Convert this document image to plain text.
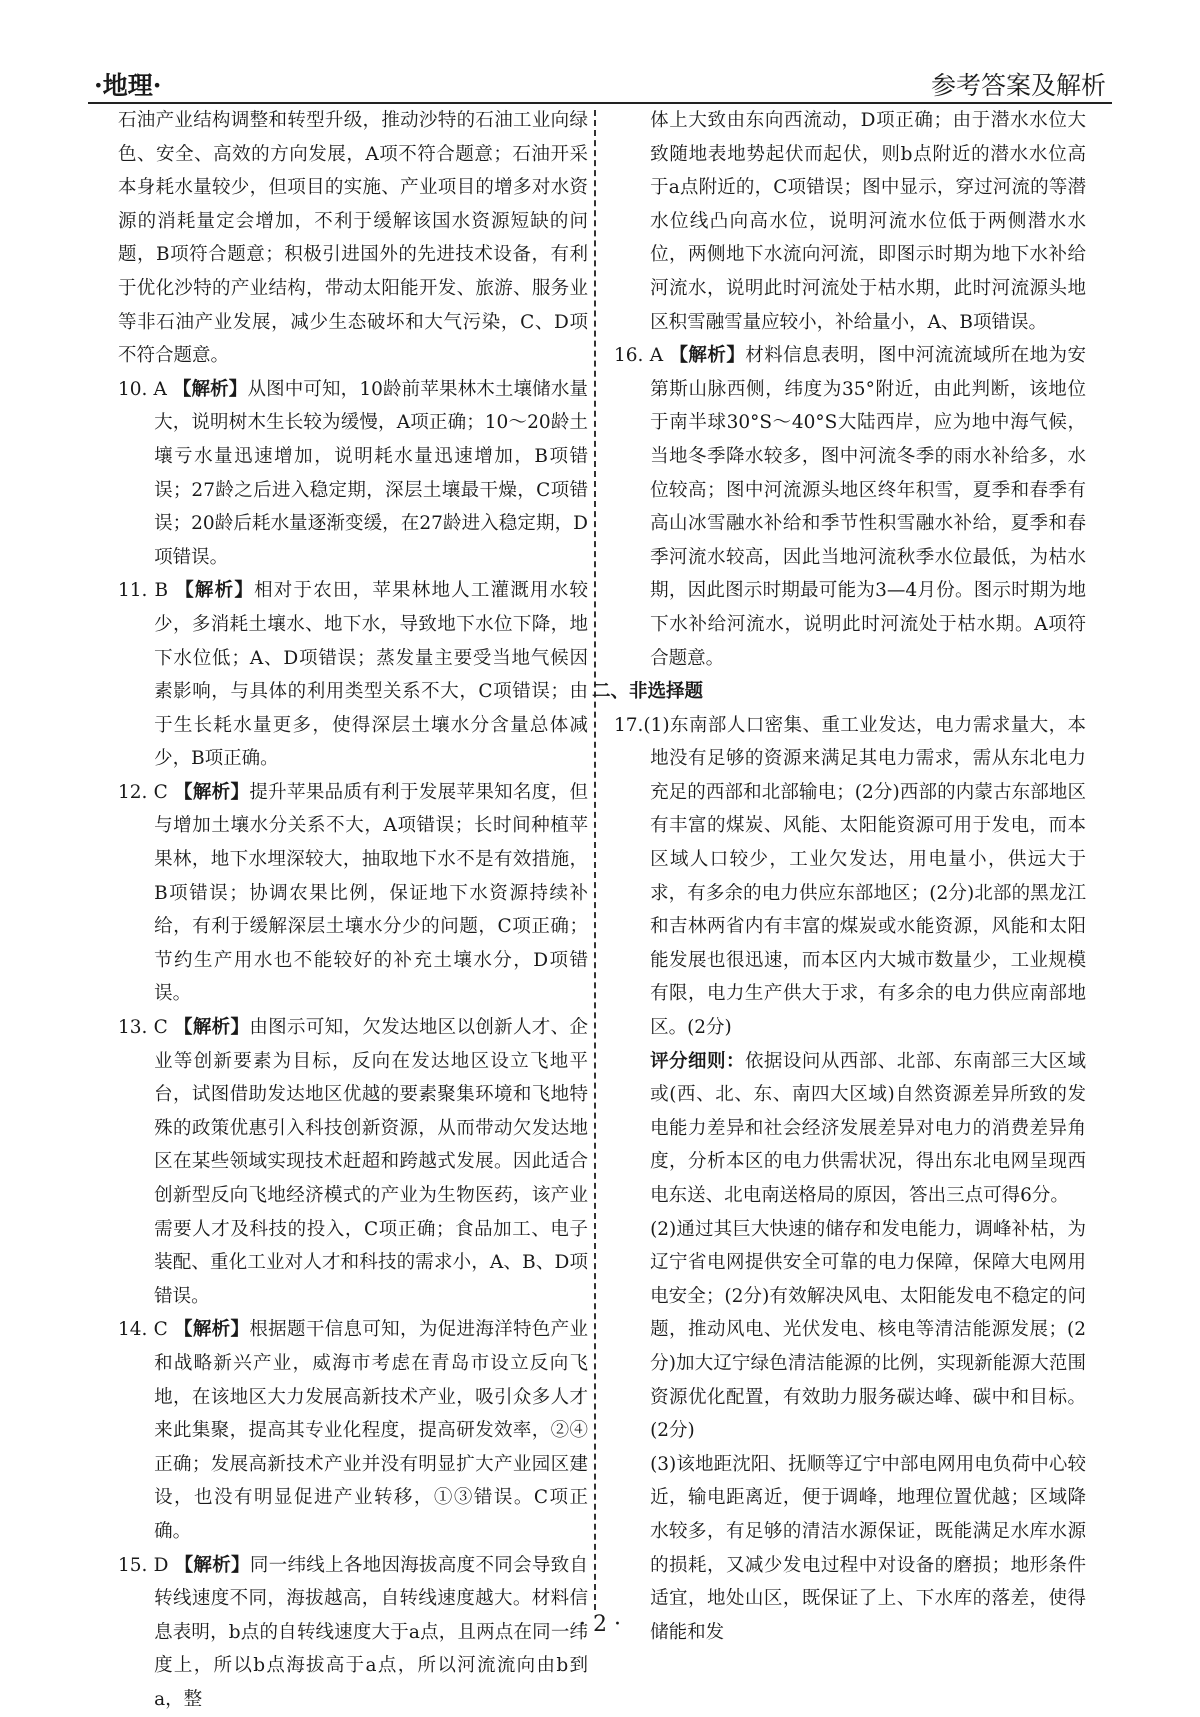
·地理·	参考答案及解析

石油产业结构调整和转型升级，推动沙特的石油工业向绿色、安全、高效的方向发展，A项不符合题意；石油开采本身耗水量较少，但项目的实施、产业项目的增多对水资源的消耗量定会增加，不利于缓解该国水资源短缺的问题，B项符合题意；积极引进国外的先进技术设备，有利于优化沙特的产业结构，带动太阳能开发、旅游、服务业等非石油产业发展，减少生态破坏和大气污染，C、D项不符合题意。

10. A 【解析】从图中可知，10龄前苹果林木土壤储水量大，说明树木生长较为缓慢，A项正确；10～20龄土壤亏水量迅速增加，说明耗水量迅速增加，B项错误；27龄之后进入稳定期，深层土壤最干燥，C项错误；20龄后耗水量逐渐变缓，在27龄进入稳定期，D项错误。

11. B 【解析】相对于农田，苹果林地人工灌溉用水较少，多消耗土壤水、地下水，导致地下水位下降，地下水位低；A、D项错误；蒸发量主要受当地气候因素影响，与具体的利用类型关系不大，C项错误；由于生长耗水量更多，使得深层土壤水分含量总体减少，B项正确。

12. C 【解析】提升苹果品质有利于发展苹果知名度，但与增加土壤水分关系不大，A项错误；长时间种植苹果林，地下水埋深较大，抽取地下水不是有效措施，B项错误；协调农果比例，保证地下水资源持续补给，有利于缓解深层土壤水分少的问题，C项正确；节约生产用水也不能较好的补充土壤水分，D项错误。

13. C 【解析】由图示可知，欠发达地区以创新人才、企业等创新要素为目标，反向在发达地区设立飞地平台，试图借助发达地区优越的要素聚集环境和飞地特殊的政策优惠引入科技创新资源，从而带动欠发达地区在某些领域实现技术赶超和跨越式发展。因此适合创新型反向飞地经济模式的产业为生物医药，该产业需要人才及科技的投入，C项正确；食品加工、电子装配、重化工业对人才和科技的需求小，A、B、D项错误。

14. C 【解析】根据题干信息可知，为促进海洋特色产业和战略新兴产业，威海市考虑在青岛市设立反向飞地，在该地区大力发展高新技术产业，吸引众多人才来此集聚，提高其专业化程度，提高研发效率，②④正确；发展高新技术产业并没有明显扩大产业园区建设，也没有明显促进产业转移，①③错误。C项正确。

15. D 【解析】同一纬线上各地因海拔高度不同会导致自转线速度不同，海拔越高，自转线速度越大。材料信息表明，b点的自转线速度大于a点，且两点在同一纬度上，所以b点海拔高于a点，所以河流流向由b到a，整

体上大致由东向西流动，D项正确；由于潜水水位大致随地表地势起伏而起伏，则b点附近的潜水水位高于a点附近的，C项错误；图中显示，穿过河流的等潜水位线凸向高水位，说明河流水位低于两侧潜水水位，两侧地下水流向河流，即图示时期为地下水补给河流水，说明此时河流处于枯水期，此时河流源头地区积雪融雪量应较小，补给量小，A、B项错误。

16. A 【解析】材料信息表明，图中河流流域所在地为安第斯山脉西侧，纬度为35°附近，由此判断，该地位于南半球30°S～40°S大陆西岸，应为地中海气候，当地冬季降水较多，图中河流冬季的雨水补给多，水位较高；图中河流源头地区终年积雪，夏季和春季有高山冰雪融水补给和季节性积雪融水补给，夏季和春季河流水较高，因此当地河流秋季水位最低，为枯水期，因此图示时期最可能为3—4月份。图示时期为地下水补给河流水，说明此时河流处于枯水期。A项符合题意。

二、非选择题

17.(1)东南部人口密集、重工业发达，电力需求量大，本地没有足够的资源来满足其电力需求，需从东北电力充足的西部和北部输电；(2分)西部的内蒙古东部地区有丰富的煤炭、风能、太阳能资源可用于发电，而本区域人口较少，工业欠发达，用电量小，供远大于求，有多余的电力供应东部地区；(2分)北部的黑龙江和吉林两省内有丰富的煤炭或水能资源，风能和太阳能发展也很迅速，而本区内大城市数量少，工业规模有限，电力生产供大于求，有多余的电力供应南部地区。(2分)

评分细则：依据设问从西部、北部、东南部三大区域或(西、北、东、南四大区域)自然资源差异所致的发电能力差异和社会经济发展差异对电力的消费差异角度，分析本区的电力供需状况，得出东北电网呈现西电东送、北电南送格局的原因，答出三点可得6分。

(2)通过其巨大快速的储存和发电能力，调峰补枯，为辽宁省电网提供安全可靠的电力保障，保障大电网用电安全；(2分)有效解决风电、太阳能发电不稳定的问题，推动风电、光伏发电、核电等清洁能源发展；(2分)加大辽宁绿色清洁能源的比例，实现新能源大范围资源优化配置，有效助力服务碳达峰、碳中和目标。(2分)

(3)该地距沈阳、抚顺等辽宁中部电网用电负荷中心较近，输电距离近，便于调峰，地理位置优越；区域降水较多，有足够的清洁水源保证，既能满足水库水源的损耗，又减少发电过程中对设备的磨损；地形条件适宜，地处山区，既保证了上、下水库的落差，使得储能和发

· 2 ·
